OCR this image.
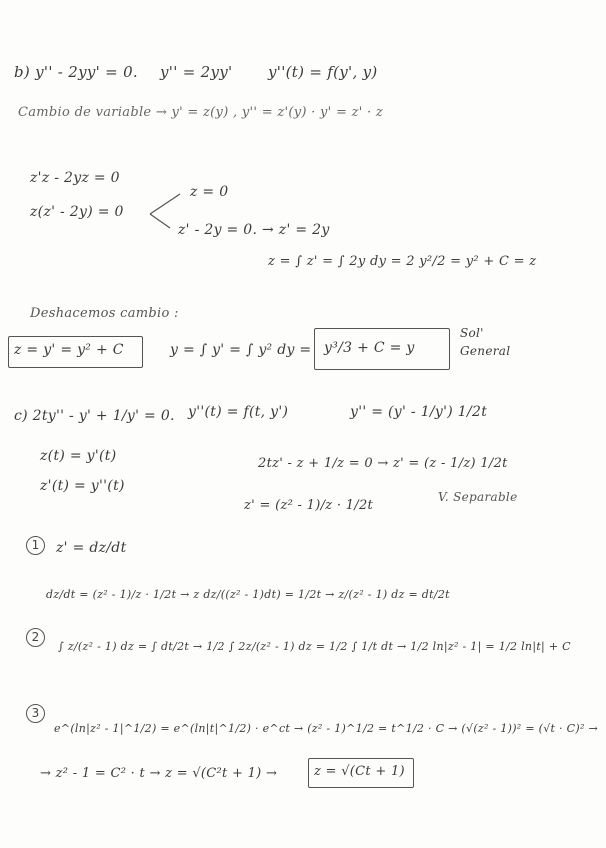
b) y'' - 2yy' = 0. y'' = 2yy' y''(t) = f(y', y)
Cambio de variable → y' = z(y) , y'' = z'(y) · y' = z' · z
z'z - 2yz = 0
z(z' - 2y) = 0
z = 0
z' - 2y = 0. → z' = 2y
z = ∫ z' = ∫ 2y dy = 2 y²/2 = y² + C = z
Deshacemos cambio :
z = y' = y² + C	y = ∫ y' = ∫ y² dy = y³/3 + C = y
Sol'
General
c) 2ty'' - y' + 1/y' = 0. y''(t) = f(t, y')	y'' = (y' - 1/y') 1/2t
z(t) = y'(t)
z'(t) = y''(t)
2tz' - z + 1/z = 0 → z' = (z - 1/z) 1/2t
z' = (z² - 1)/z · 1/2t
V. Separable
1	z' = dz/dt
dz/dt = (z² - 1)/z · 1/2t → z dz/((z² - 1)dt) = 1/2t → z/(z² - 1) dz = dt/2t
2
∫ z/(z² - 1) dz = ∫ dt/2t → 1/2 ∫ 2z/(z² - 1) dz = 1/2 ∫ 1/t dt → 1/2 ln|z² - 1| = 1/2 ln|t| + C
3
e^(ln|z² - 1|^1/2) = e^(ln|t|^1/2) · e^ct → (z² - 1)^1/2 = t^1/2 · C → (√(z² - 1))² = (√t · C)² →
→ z² - 1 = C² · t → z = √(C²t + 1) →	z = √(Ct + 1)
